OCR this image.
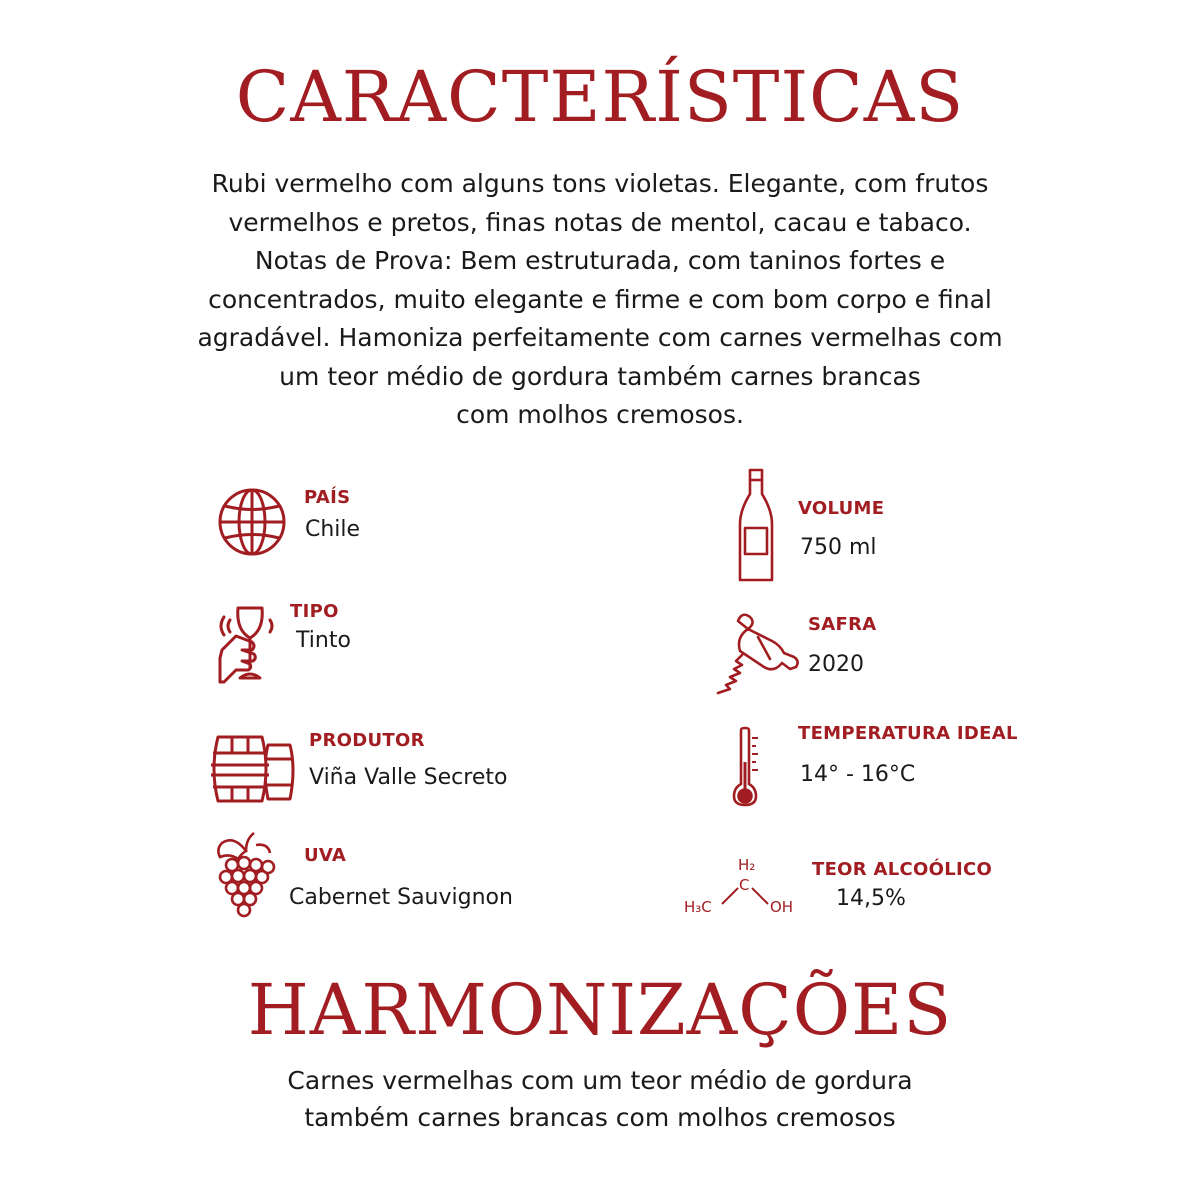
CARACTERÍSTICAS
Rubi vermelho com alguns tons violetas. Elegante, com frutos
vermelhos e pretos, finas notas de mentol, cacau e tabaco.
Notas de Prova: Bem estruturada, com taninos fortes e
concentrados, muito elegante e firme e com bom corpo e final
agradável. Hamoniza perfeitamente com carnes vermelhas com
um teor médio de gordura também carnes brancas
com molhos cremosos.

PAÍS

Chile

TIPO

Tinto

PRODUTOR

Viña Valle Secreto

UVA

Cabernet Sauvignon

VOLUME

750 ml

SAFRA

2020

TEMPERATURA IDEAL

14° - 16°C

H₂
C
H₃C	OH

TEOR ALCOÓLICO

14,5%

HARMONIZAÇÕES
Carnes vermelhas com um teor médio de gordura
também carnes brancas com molhos cremosos
